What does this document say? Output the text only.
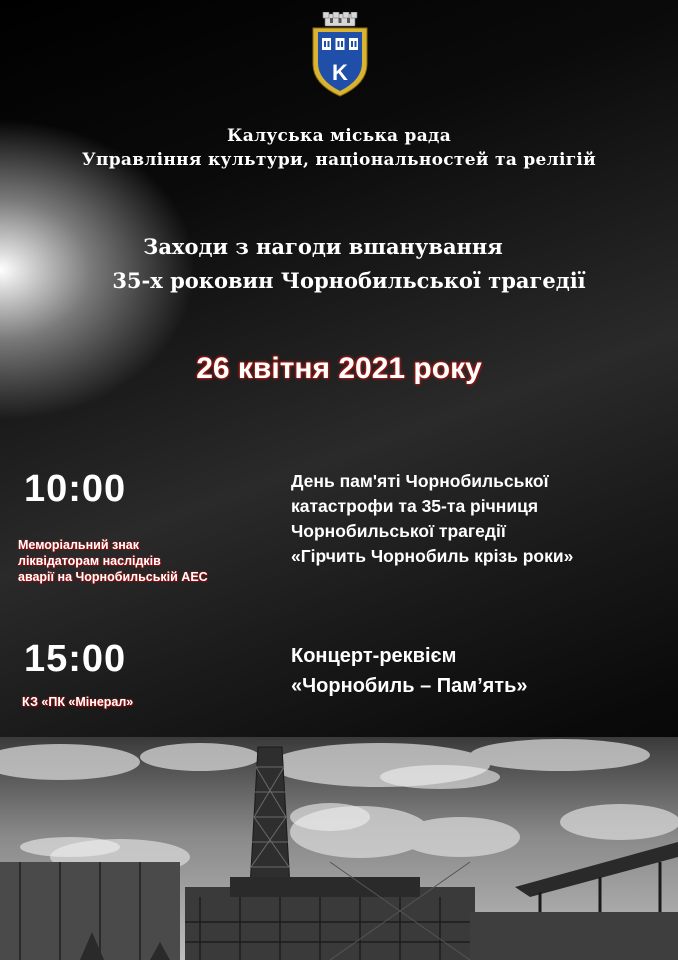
K
Калуська міська рада
Управління культури, національностей та релігій
Заходи з нагоди вшанування
35-х роковин Чорнобильської трагедії
26 квітня 2021 року
10:00
Меморіальний знак
ліквідаторам наслідків
аварії на Чорнобильській АЕС
День пам'яті Чорнобильської
катастрофи та 35-та річниця
Чорнобильської трагедії
«Гірчить Чорнобиль крізь роки»
15:00
КЗ «ПК «Мінерал»
Концерт-реквієм
«Чорнобиль – Пам’ять»
